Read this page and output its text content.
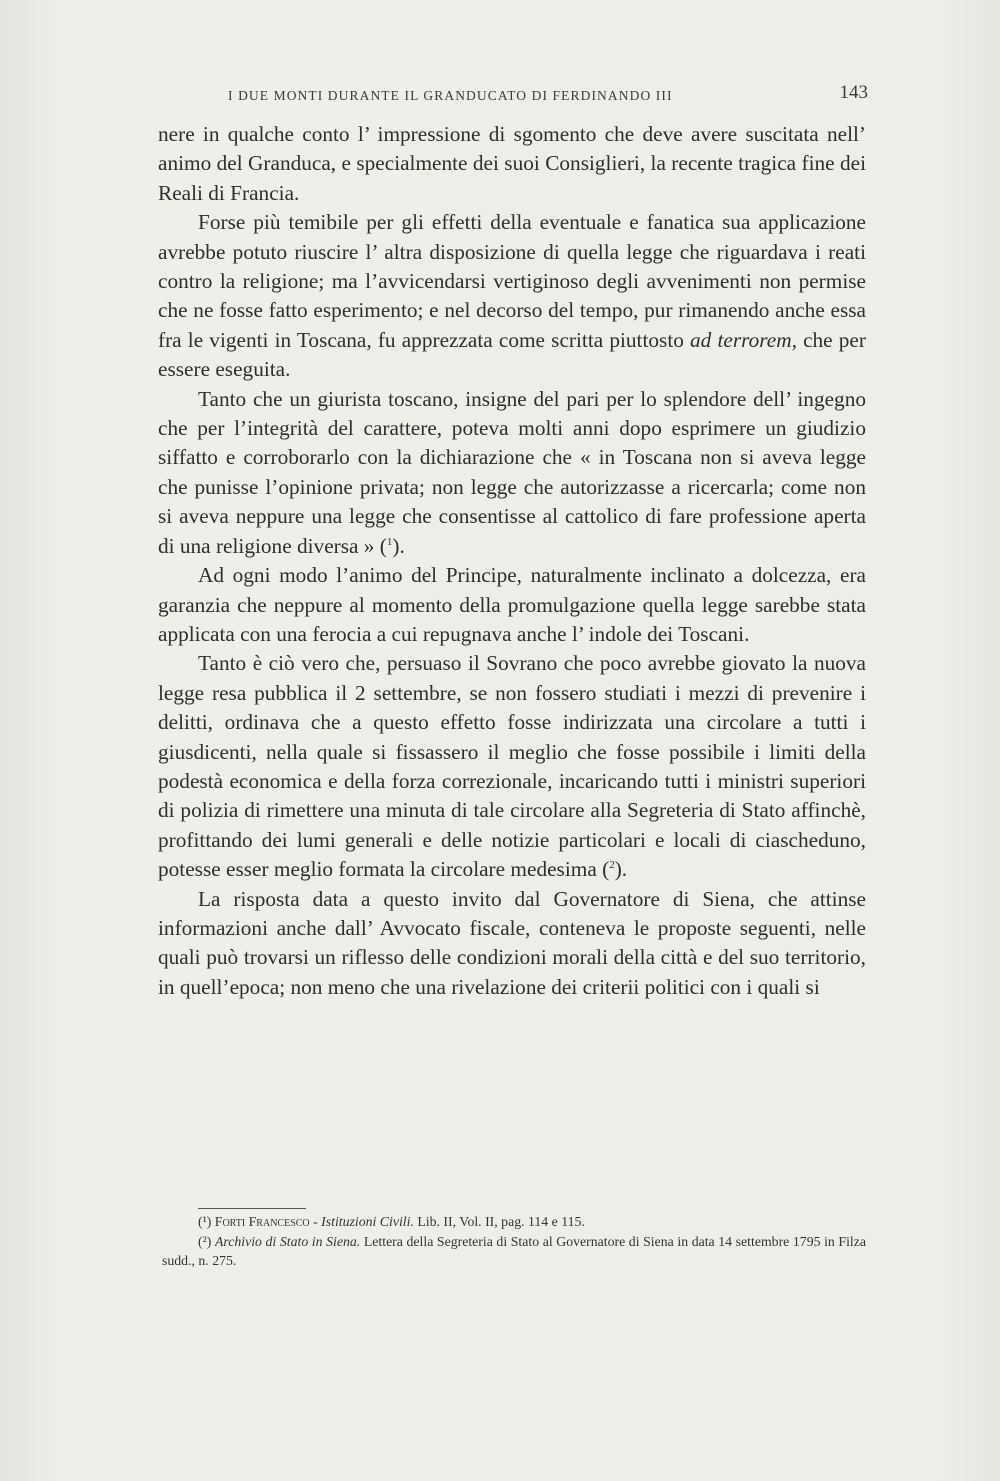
I DUE MONTI DURANTE IL GRANDUCATO DI FERDINANDO III	143

nere in qualche conto l’ impressione di sgomento che deve avere suscitata nell’ animo del Granduca, e specialmente dei suoi Consiglieri, la recente tragica fine dei Reali di Francia.

Forse più temibile per gli effetti della eventuale e fanatica sua applicazione avrebbe potuto riuscire l’ altra disposizione di quella legge che riguardava i reati contro la religione; ma l’avvicendarsi vertiginoso degli avvenimenti non permise che ne fosse fatto esperimento; e nel decorso del tempo, pur rimanendo anche essa fra le vigenti in Toscana, fu apprezzata come scritta piuttosto ad terrorem, che per essere eseguita.

Tanto che un giurista toscano, insigne del pari per lo splendore dell’ ingegno che per l’integrità del carattere, poteva molti anni dopo esprimere un giudizio siffatto e corroborarlo con la dichiarazione che « in Toscana non si aveva legge che punisse l’opinione privata; non legge che autorizzasse a ricercarla; come non si aveva neppure una legge che consentisse al cattolico di fare professione aperta di una religione diversa » ($^1$).

Ad ogni modo l’animo del Principe, naturalmente inclinato a dolcezza, era garanzia che neppure al momento della promulgazione quella legge sarebbe stata applicata con una ferocia a cui repugnava anche l’ indole dei Toscani.

Tanto è ciò vero che, persuaso il Sovrano che poco avrebbe giovato la nuova legge resa pubblica il 2 settembre, se non fossero studiati i mezzi di prevenire i delitti, ordinava che a questo effetto fosse indirizzata una circolare a tutti i giusdicenti, nella quale si fissassero il meglio che fosse possibile i limiti della podestà economica e della forza correzionale, incaricando tutti i ministri superiori di polizia di rimettere una minuta di tale circolare alla Segreteria di Stato affinchè, profittando dei lumi generali e delle notizie particolari e locali di ciascheduno, potesse esser meglio formata la circolare medesima ($^2$).

La risposta data a questo invito dal Governatore di Siena, che attinse informazioni anche dall’ Avvocato fiscale, conteneva le proposte seguenti, nelle quali può trovarsi un riflesso delle condizioni morali della città e del suo territorio, in quell’epoca; non meno che una rivelazione dei criterii politici con i quali si

(¹) Forti Francesco - Istituzioni Civili. Lib. II, Vol. II, pag. 114 e 115.

(²) Archivio di Stato in Siena. Lettera della Segreteria di Stato al Governatore di Siena in data 14 settembre 1795 in Filza sudd., n. 275.
